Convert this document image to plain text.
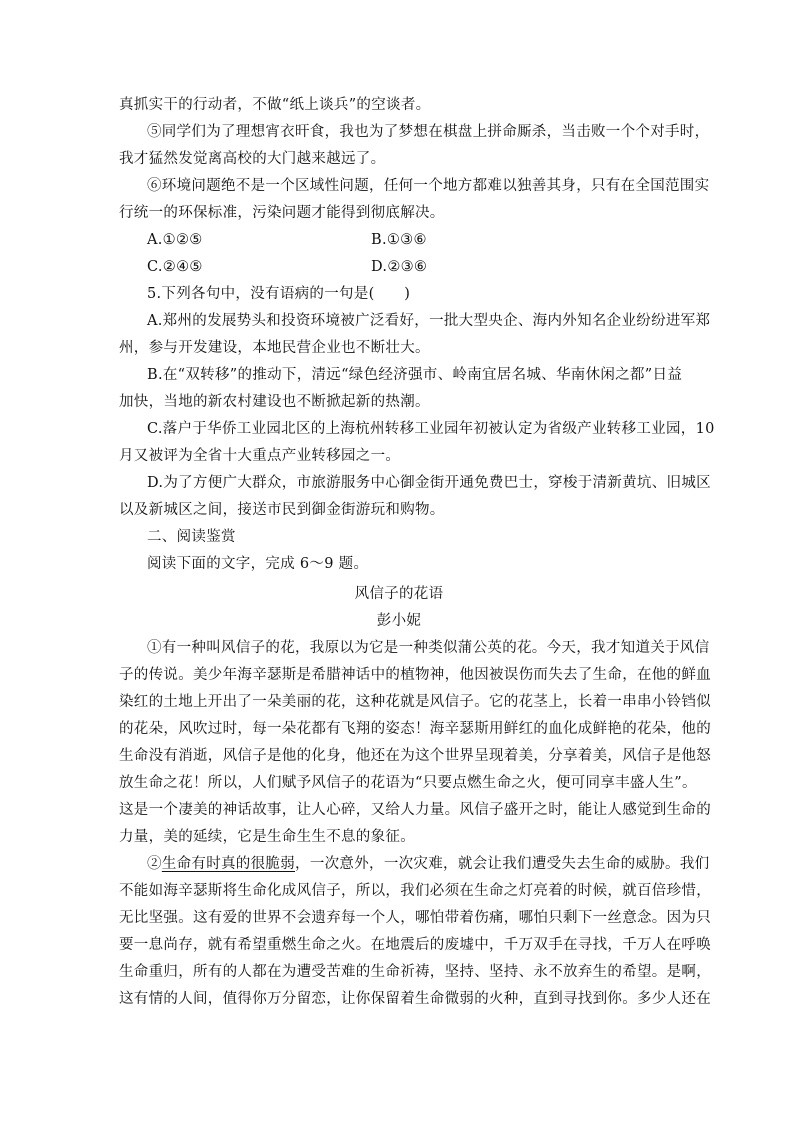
真抓实干的行动者，不做“纸上谈兵”的空谈者。
⑤同学们为了理想宵衣旰食，我也为了梦想在棋盘上拼命厮杀，当击败一个个对手时，
我才猛然发觉离高校的大门越来越远了。
⑥环境问题绝不是一个区域性问题，任何一个地方都难以独善其身，只有在全国范围实
行统一的环保标准，污染问题才能得到彻底解决。
A.①②⑤	B.①③⑥
C.②④⑤	D.②③⑥
5.下列各句中，没有语病的一句是(　　)
A.郑州的发展势头和投资环境被广泛看好，一批大型央企、海内外知名企业纷纷进军郑
州，参与开发建设，本地民营企业也不断壮大。
B.在“双转移”的推动下，清远“绿色经济强市、岭南宜居名城、华南休闲之都”日益
加快，当地的新农村建设也不断掀起新的热潮。
C.落户于华侨工业园北区的上海杭州转移工业园年初被认定为省级产业转移工业园，10
月又被评为全省十大重点产业转移园之一。
D.为了方便广大群众，市旅游服务中心御金街开通免费巴士，穿梭于清新黄坑、旧城区
以及新城区之间，接送市民到御金街游玩和购物。
二、阅读鉴赏
阅读下面的文字，完成 6～9 题。
风信子的花语
彭小妮
①有一种叫风信子的花，我原以为它是一种类似蒲公英的花。今天，我才知道关于风信
子的传说。美少年海辛瑟斯是希腊神话中的植物神，他因被误伤而失去了生命，在他的鲜血
染红的土地上开出了一朵美丽的花，这种花就是风信子。它的花茎上，长着一串串小铃铛似
的花朵，风吹过时，每一朵花都有飞翔的姿态！海辛瑟斯用鲜红的血化成鲜艳的花朵，他的
生命没有消逝，风信子是他的化身，他还在为这个世界呈现着美，分享着美，风信子是他怒
放生命之花！所以，人们赋予风信子的花语为“只要点燃生命之火，便可同享丰盛人生”。
这是一个凄美的神话故事，让人心碎，又给人力量。风信子盛开之时，能让人感觉到生命的
力量，美的延续，它是生命生生不息的象征。
②生命有时真的很脆弱，一次意外，一次灾难，就会让我们遭受失去生命的威胁。我们
不能如海辛瑟斯将生命化成风信子，所以，我们必须在生命之灯亮着的时候，就百倍珍惜，
无比坚强。这有爱的世界不会遗弃每一个人，哪怕带着伤痛，哪怕只剩下一丝意念。因为只
要一息尚存，就有希望重燃生命之火。在地震后的废墟中，千万双手在寻找，千万人在呼唤
生命重归，所有的人都在为遭受苦难的生命祈祷，坚持、坚持、永不放弃生的希望。是啊，
这有情的人间，值得你万分留恋，让你保留着生命微弱的火种，直到寻找到你。多少人还在
